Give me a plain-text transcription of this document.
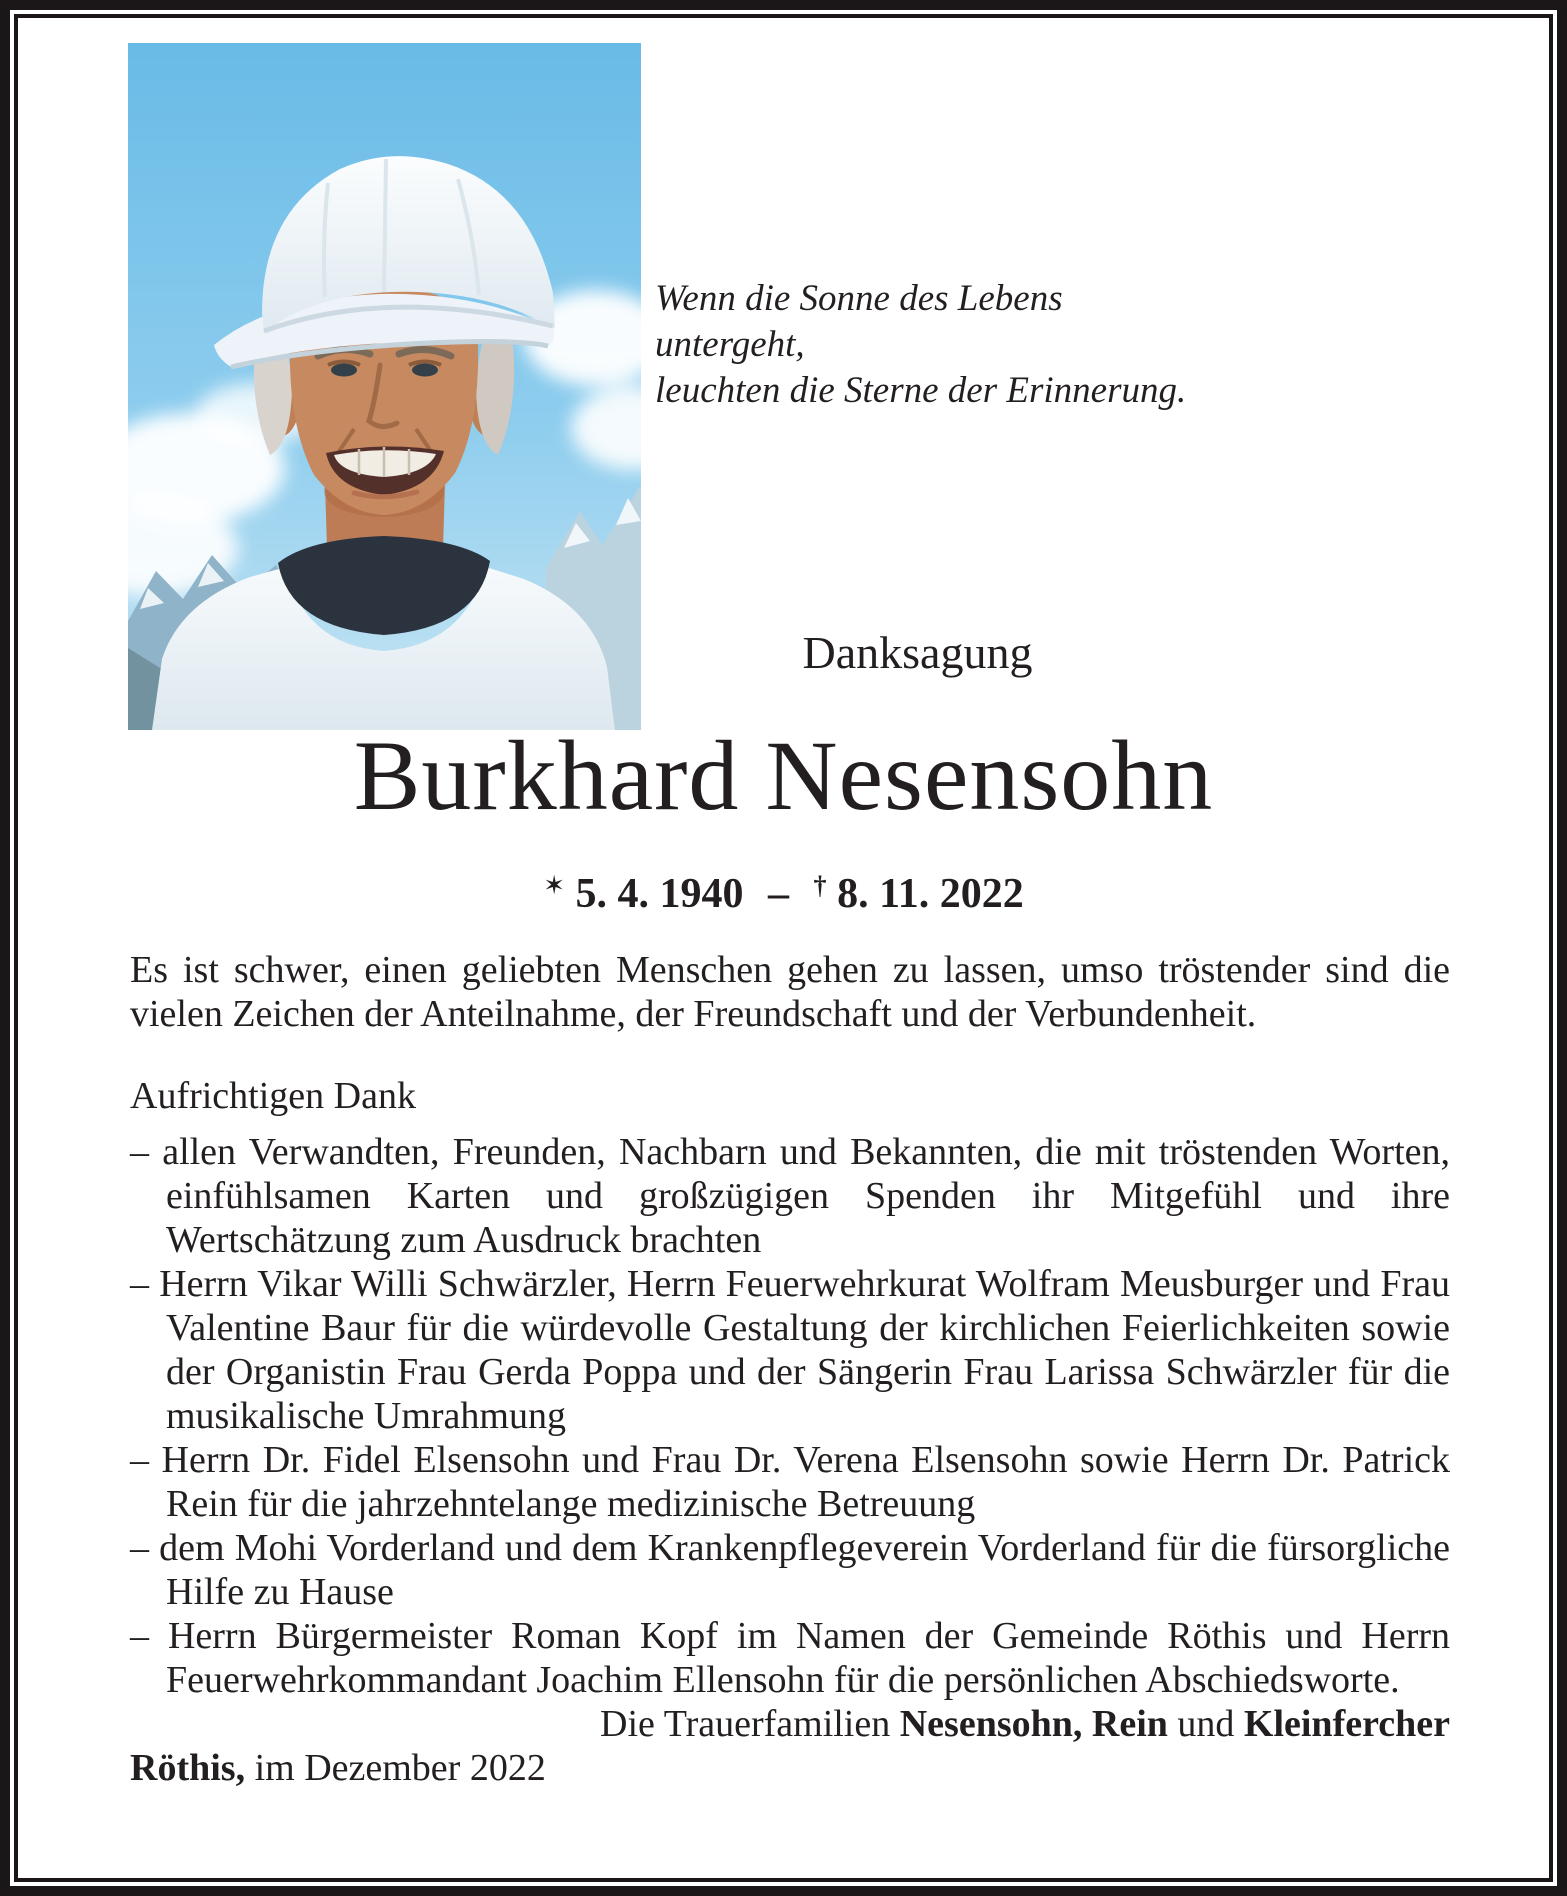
Wenn die Sonne des Lebens untergeht,
leuchten die Sterne der Erinnerung.
Danksagung
Burkhard Nesensohn
✶ 5. 4. 1940 – † 8. 11. 2022

Es ist schwer, einen geliebten Menschen gehen zu lassen, umso tröstender sind die vielen Zeichen der Anteilnahme, der Freundschaft und der Verbundenheit.

Aufrichtigen Dank
– allen Verwandten, Freunden, Nachbarn und Bekannten, die mit tröstenden Worten, einfühlsamen Karten und großzügigen Spenden ihr Mitgefühl und ihre Wertschätzung zum Ausdruck brachten
– Herrn Vikar Willi Schwärzler, Herrn Feuerwehrkurat Wolfram Meusburger und Frau Valentine Baur für die würdevolle Gestaltung der kirchlichen Feierlichkeiten sowie der Organistin Frau Gerda Poppa und der Sängerin Frau Larissa Schwärzler für die musikalische Umrahmung
– Herrn Dr. Fidel Elsensohn und Frau Dr. Verena Elsensohn sowie Herrn Dr. Patrick Rein für die jahrzehntelange medizinische Betreuung
– dem Mohi Vorderland und dem Krankenpflegeverein Vorderland für die fürsorgliche Hilfe zu Hause
– Herrn Bürgermeister Roman Kopf im Namen der Gemeinde Röthis und Herrn Feuerwehrkommandant Joachim Ellensohn für die persönlichen Abschiedsworte.
Die Trauerfamilien Nesensohn, Rein und Kleinfercher
Röthis, im Dezember 2022
